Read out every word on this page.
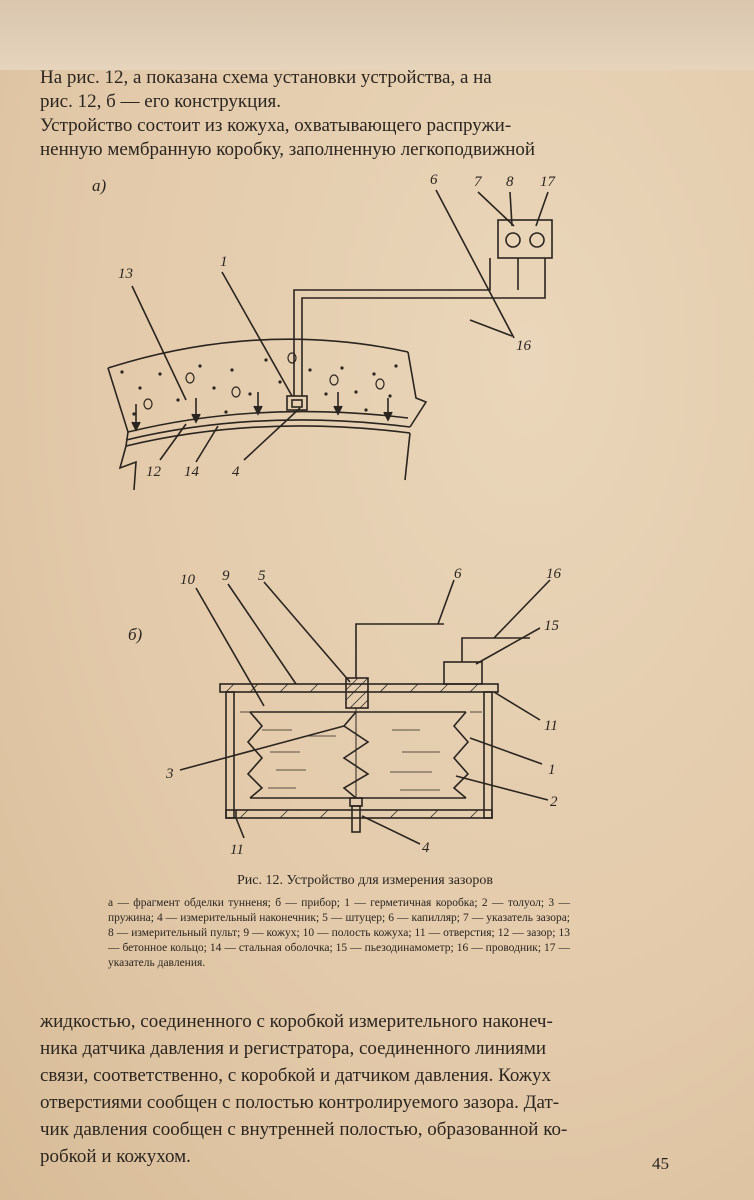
На рис. 12, а показана схема установки устройства, а на

рис. 12, б — его конструкция.

Устройство состоит из кожуха, охватывающего распружи-

ненную мембранную коробку, заполненную легкоподвижной

а)
13
1
6 7 8 17
16
12 14 4
б)
10 9 5	6	16
15
11
1
3
2
11	4
Рис. 12. Устройство для измерения зазоров
а — фрагмент обделки тунненя; б — прибор; 1 — герметичная коробка; 2 — толуол; 3 — пружина; 4 — измерительный наконечник; 5 — штуцер; 6 — капилляр; 7 — указатель зазора; 8 — измерительный пульт; 9 — кожух; 10 — полость кожуха; 11 — отверстия; 12 — зазор; 13 — бетонное кольцо; 14 — стальная оболочка; 15 — пьезодинамометр; 16 — проводник; 17 — указатель давления.

жидкостью, соединенного с коробкой измерительного наконеч-

ника датчика давления и регистратора, соединенного линиями

связи, соответственно, с коробкой и датчиком давления. Кожух

отверстиями сообщен с полостью контролируемого зазора. Дат-

чик давления сообщен с внутренней полостью, образованной ко-

робкой и кожухом.	45
